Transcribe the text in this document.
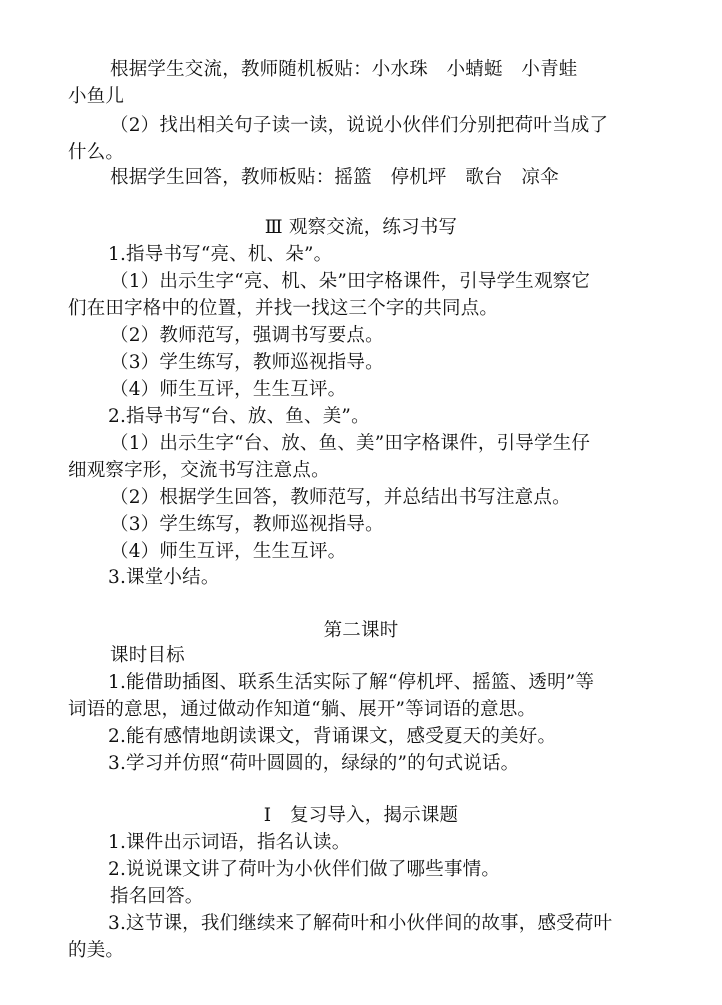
根据学生交流，教师随机板贴：小水珠　小蜻蜓　小青蛙
小鱼儿
（2）找出相关句子读一读，说说小伙伴们分别把荷叶当成了
什么。
根据学生回答，教师板贴：摇篮　停机坪　歌台　凉伞
Ⅲ 观察交流，练习书写
1.指导书写“亮、机、朵”。
（1）出示生字“亮、机、朵”田字格课件，引导学生观察它
们在田字格中的位置，并找一找这三个字的共同点。
（2）教师范写，强调书写要点。
（3）学生练写，教师巡视指导。
（4）师生互评，生生互评。
2.指导书写“台、放、鱼、美”。
（1）出示生字“台、放、鱼、美”田字格课件，引导学生仔
细观察字形，交流书写注意点。
（2）根据学生回答，教师范写，并总结出书写注意点。
（3）学生练写，教师巡视指导。
（4）师生互评，生生互评。
3.课堂小结。
第二课时
课时目标
1.能借助插图、联系生活实际了解“停机坪、摇篮、透明”等
词语的意思，通过做动作知道“躺、展开”等词语的意思。
2.能有感情地朗读课文，背诵课文，感受夏天的美好。
3.学习并仿照“荷叶圆圆的，绿绿的”的句式说话。
Ⅰ　复习导入，揭示课题
1.课件出示词语，指名认读。
2.说说课文讲了荷叶为小伙伴们做了哪些事情。
指名回答。
3.这节课，我们继续来了解荷叶和小伙伴间的故事，感受荷叶
的美。
